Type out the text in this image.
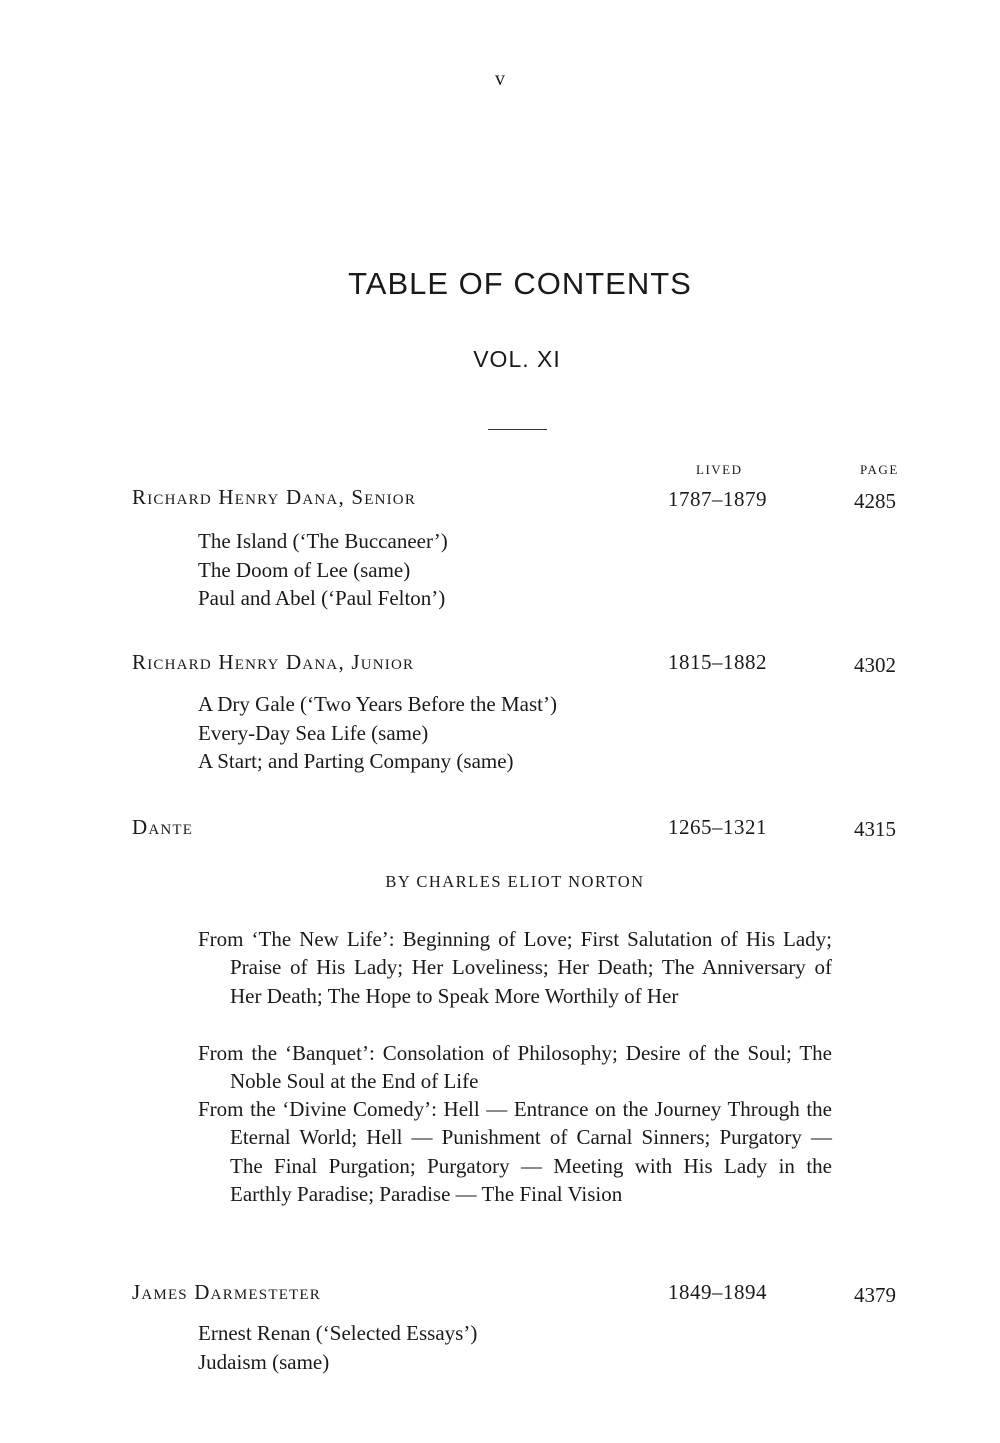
v
TABLE OF CONTENTS
VOL. XI
LIVED	PAGE
Richard Henry Dana, Senior	1787–1879	4285
The Island (‘The Buccaneer’)
The Doom of Lee (same)
Paul and Abel (‘Paul Felton’)
Richard Henry Dana, Junior	1815–1882	4302
A Dry Gale (‘Two Years Before the Mast’)
Every-Day Sea Life (same)
A Start; and Parting Company (same)
Dante	1265–1321	4315
BY CHARLES ELIOT NORTON

From ‘The New Life’: Beginning of Love; First Salutation of His Lady; Praise of His Lady; Her Loveliness; Her Death; The Anniversary of Her Death; The Hope to Speak More Worthily of Her

From the ‘Banquet’: Consolation of Philosophy; Desire of the Soul; The Noble Soul at the End of Life

From the ‘Divine Comedy’: Hell — Entrance on the Journey Through the Eternal World; Hell — Punishment of Carnal Sinners; Purgatory — The Final Purgation; Purgatory — Meeting with His Lady in the Earthly Paradise; Paradise — The Final Vision

James Darmesteter	1849–1894	4379
Ernest Renan (‘Selected Essays’)
Judaism (same)
